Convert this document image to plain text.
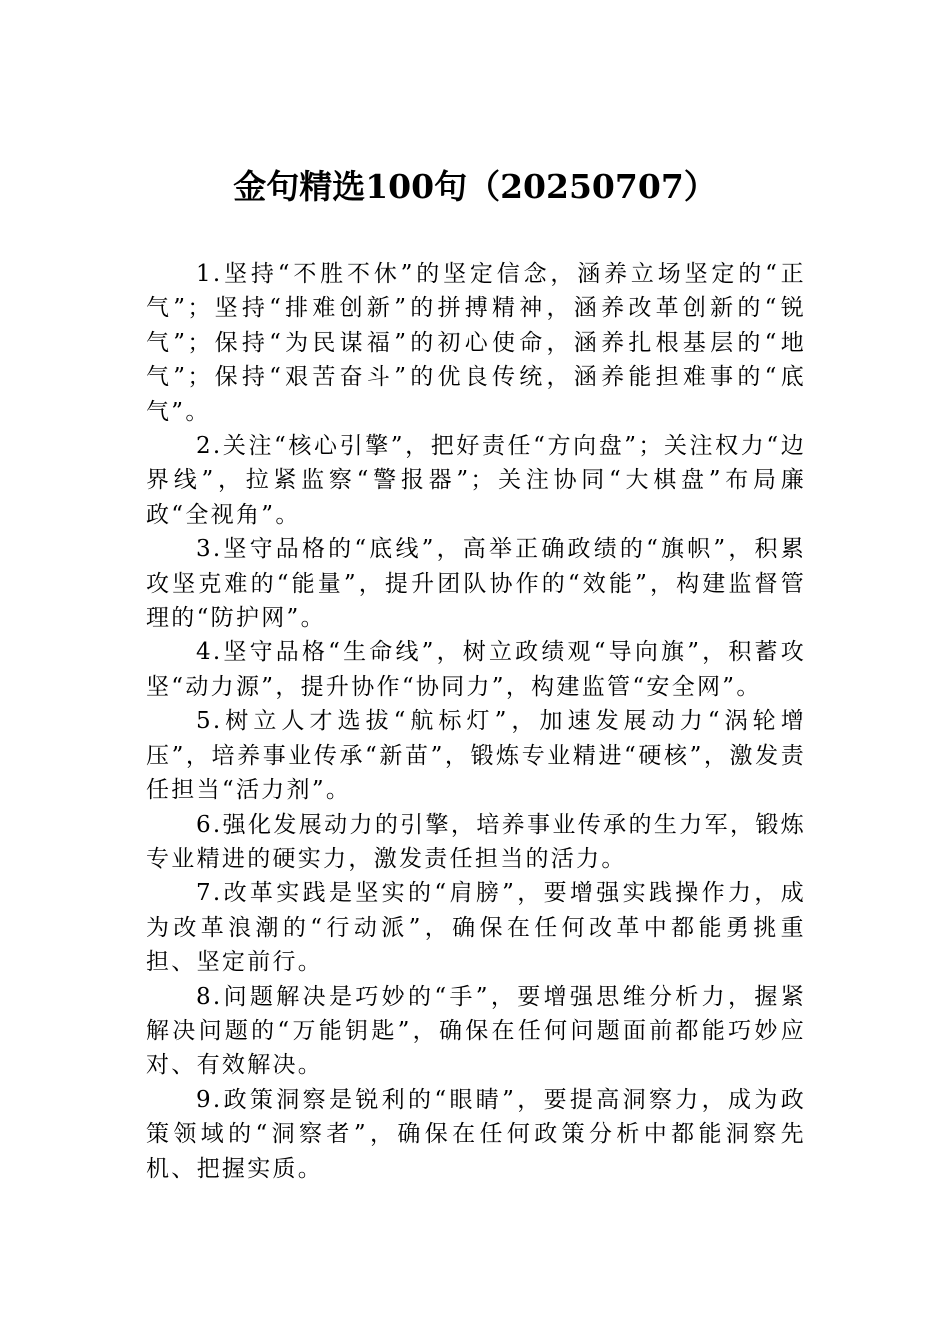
金句精选100句（20250707）

1.坚持“不胜不休”的坚定信念，涵养立场坚定的“正气”；坚持“排难创新”的拼搏精神，涵养改革创新的“锐气”；保持“为民谋福”的初心使命，涵养扎根基层的“地气”；保持“艰苦奋斗”的优良传统，涵养能担难事的“底气”。

2.关注“核心引擎”，把好责任“方向盘”；关注权力“边界线”，拉紧监察“警报器”；关注协同“大棋盘”布局廉政“全视角”。

3.坚守品格的“底线”，高举正确政绩的“旗帜”，积累攻坚克难的“能量”，提升团队协作的“效能”，构建监督管理的“防护网”。

4.坚守品格“生命线”，树立政绩观“导向旗”，积蓄攻坚“动力源”，提升协作“协同力”，构建监管“安全网”。

5.树立人才选拔“航标灯”，加速发展动力“涡轮增压”，培养事业传承“新苗”，锻炼专业精进“硬核”，激发责任担当“活力剂”。

6.强化发展动力的引擎，培养事业传承的生力军，锻炼专业精进的硬实力，激发责任担当的活力。

7.改革实践是坚实的“肩膀”，要增强实践操作力，成为改革浪潮的“行动派”，确保在任何改革中都能勇挑重担、坚定前行。

8.问题解决是巧妙的“手”，要增强思维分析力，握紧解决问题的“万能钥匙”，确保在任何问题面前都能巧妙应对、有效解决。

9.政策洞察是锐利的“眼睛”，要提高洞察力，成为政策领域的“洞察者”，确保在任何政策分析中都能洞察先机、把握实质。
